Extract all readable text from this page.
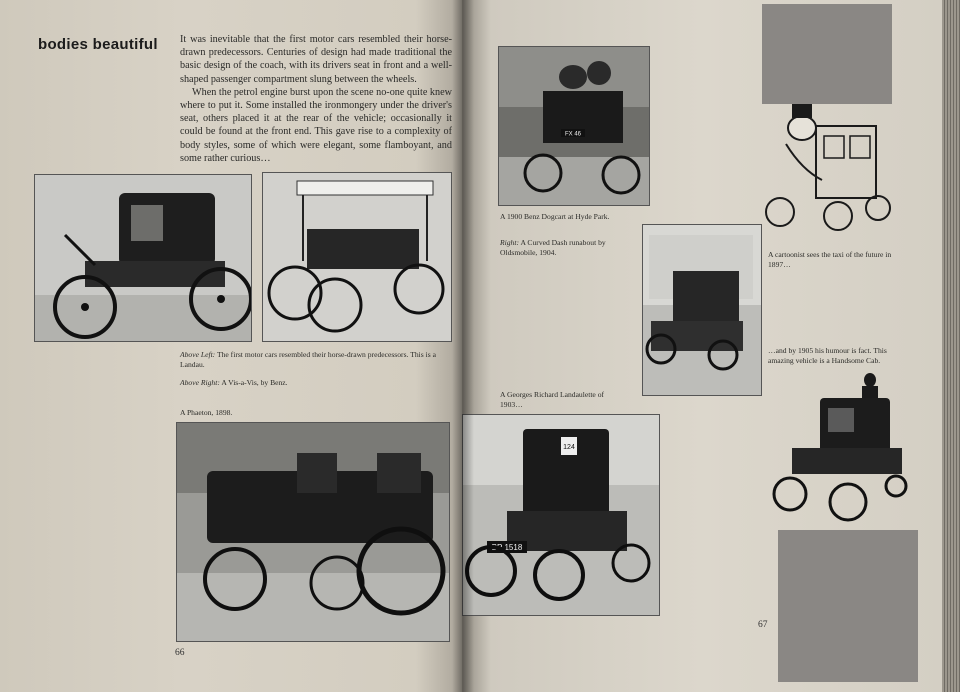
bodies beautiful It was inevitable that the first motor cars resembled their horse-drawn predecessors. Centuries of design had made traditional the basic design of the coach, with its drivers seat in front and a well-shaped passenger compartment slung between the wheels.

When the petrol engine burst upon the scene no-one quite knew where to put it. Some installed the ironmongery under the driver's seat, others placed it at the rear of the vehicle; occasionally it could be found at the front end. This gave rise to a complexity of body styles, some of which were elegant, some flamboyant, and some rather curious…

Above Left: The first motor cars resembled their horse-drawn predecessors. This is a Landau.
Above Right: A Vis-a-Vis, by Benz.
A Phaeton, 1898.
66
FX 46
A 1900 Benz Dogcart at Hyde Park.
Right: A Curved Dash runabout by Oldsmobile, 1904.
A Georges Richard Landaulette of 1903…
124
BP 1518
A cartoonist sees the taxi of the future in 1897…
…and by 1905 his humour is fact. This amazing vehicle is a Handsome Cab.
67
